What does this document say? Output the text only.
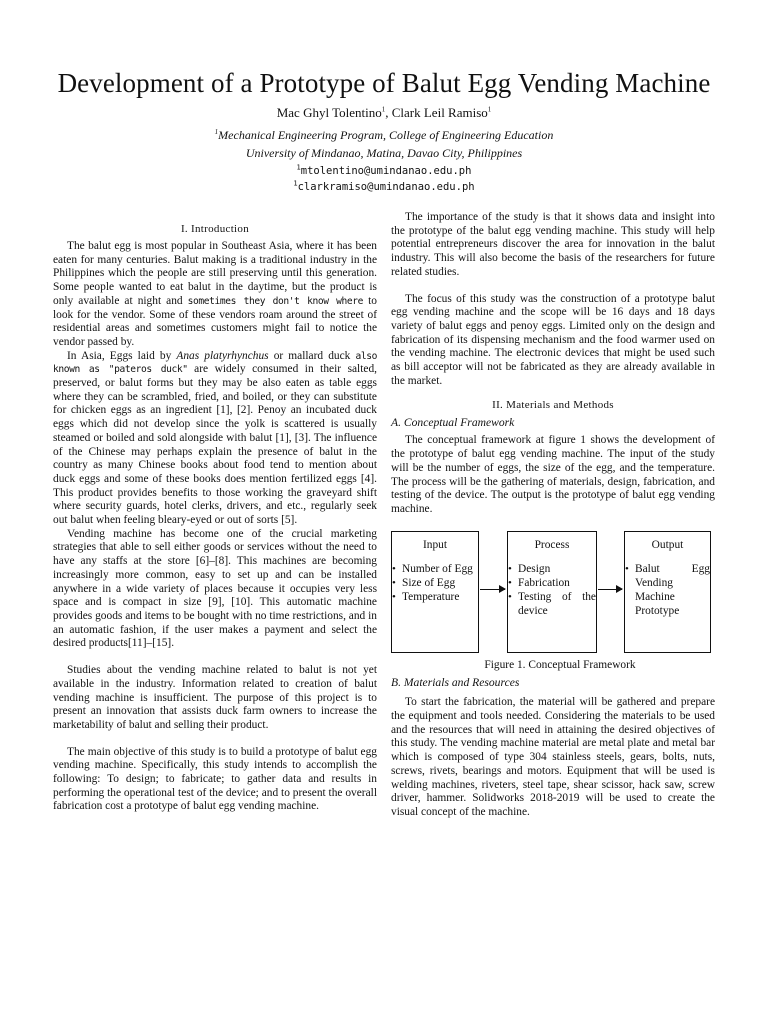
Development of a Prototype of Balut Egg Vending Machine
Mac Ghyl Tolentino$^1$, Clark Leil Ramiso$^1$
$^1$Mechanical Engineering Program, College of Engineering Education
University of Mindanao, Matina, Davao City, Philippines
$^1$mtolentino@umindanao.edu.ph
$^1$clarkramiso@umindanao.edu.ph
I. Introduction

The balut egg is most popular in Southeast Asia, where it has been eaten for many centuries. Balut making is a traditional industry in the Philippines which the people are still preserving until this generation. Some people wanted to eat balut in the daytime, but the product is only available at night and sometimes they don't know where to look for the vendor. Some of these vendors roam around the street of residential areas and sometimes customers might fail to notice the vendor passed by.

In Asia, Eggs laid by Anas platyrhynchus or mallard duck also known as "pateros duck" are widely consumed in their salted, preserved, or balut forms but they may be also eaten as table eggs where they can be scrambled, fried, and boiled, or they can substitute for chicken eggs as an ingredient [1], [2]. Penoy an incubated duck eggs which did not develop since the yolk is scattered is usually steamed or boiled and sold alongside with balut [1], [3]. The influence of the Chinese may perhaps explain the presence of balut in the country as many Chinese books about food tend to mention about duck eggs and some of these books does mention fertilized eggs [4]. This product provides benefits to those working the graveyard shift where security guards, hotel clerks, drivers, and etc., regularly seek out balut when feeling bleary-eyed or out of sorts [5].

Vending machine has become one of the crucial marketing strategies that able to sell either goods or services without the need to have any staffs at the store [6]–[8]. This machines are becoming increasingly more common, easy to set up and can be installed anywhere in a wide variety of places because it occupies very less space and is compact in size [9], [10]. This automatic machine provides goods and items to be bought with no time restrictions, and in an automatic fashion, if the user makes a payment and select the desired products[11]–[15].

Studies about the vending machine related to balut is not yet available in the industry. Information related to creation of balut vending machine is insufficient. The purpose of this project is to present an innovation that assists duck farm owners to increase the marketability of balut and selling their product.

The main objective of this study is to build a prototype of balut egg vending machine. Specifically, this study intends to accomplish the following: To design; to fabricate; to gather data and results in performing the operational test of the device; and to present the overall fabrication cost a prototype of balut egg vending machine.

The importance of the study is that it shows data and insight into the prototype of the balut egg vending machine. This study will help potential entrepreneurs discover the area for innovation in the balut industry. This will also become the basis of the researchers for future related studies.

The focus of this study was the construction of a prototype balut egg vending machine and the scope will be 16 days and 18 days variety of balut eggs and penoy eggs. Limited only on the design and fabrication of its dispensing mechanism and the food warmer used on the vending machine. The electronic devices that might be used such as bill acceptor will not be fabricated as they are already available in the market.

II. Materials and Methods
A. Conceptual Framework

The conceptual framework at figure 1 shows the development of the prototype of balut egg vending machine. The input of the study will be the number of eggs, the size of the egg, and the temperature. The process will be the gathering of materials, design, fabrication, and testing of the device. The output is the prototype of balut egg vending machine.

Input
• Number of Egg
• Size of Egg
• Temperature
Process
• Design
• Fabrication
• Testing of the device
Output
• Balut Egg Vending Machine Prototype

Figure 1. Conceptual Framework

B. Materials and Resources

To start the fabrication, the material will be gathered and prepare the equipment and tools needed. Considering the materials to be used and the resources that will need in attaining the desired objectives of this study. The vending machine material are metal plate and metal bar which is composed of type 304 stainless steels, gears, bolts, nuts, screws, rivets, bearings and motors. Equipment that will be used is welding machines, riveters, steel tape, shear scissor, hack saw, screw driver, hammer. Solidworks 2018-2019 will be used to create the visual concept of the machine.
